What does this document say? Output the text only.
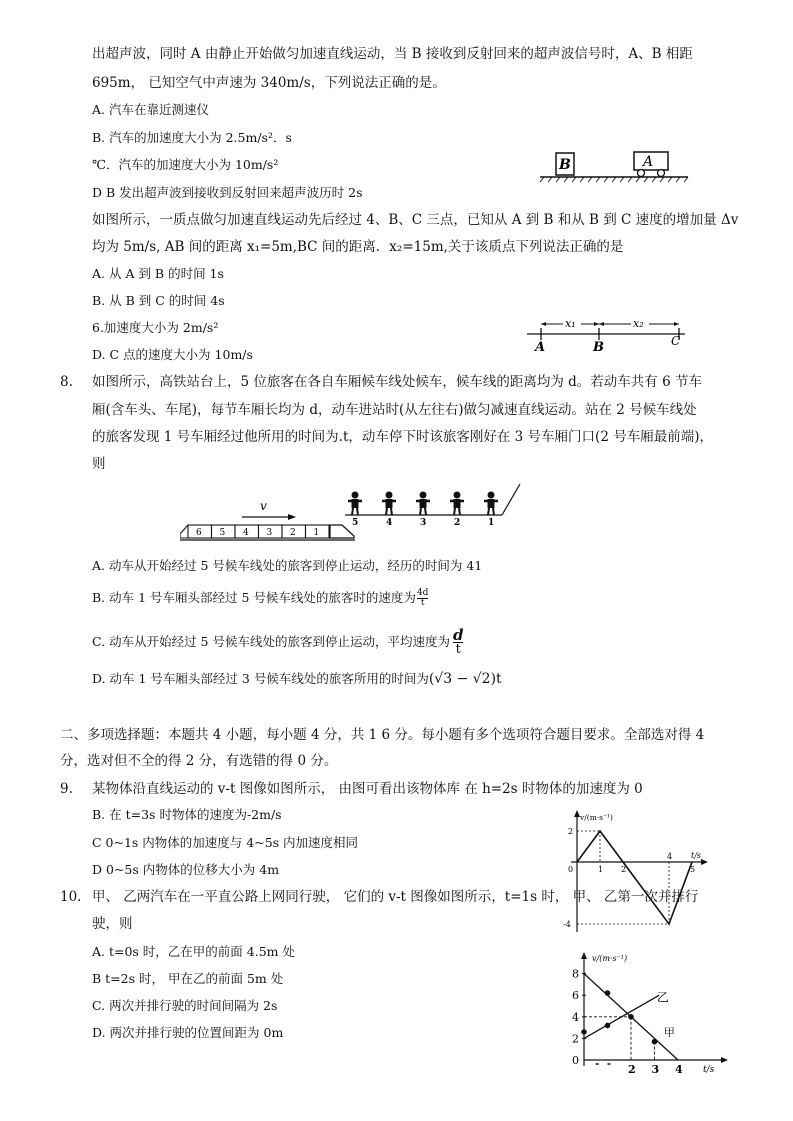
出超声波，同时 A 由静止开始做匀加速直线运动，当 B 接收到反射回来的超声波信号时，A、B 相距
695m， 已知空气中声速为 340m/s，下列说法正确的是。
A. 汽车在靠近测速仪
B. 汽车的加速度大小为 2.5m/s²．s
℃．汽车的加速度大小为 10m/s²
D B 发出超声波到接收到反射回来超声波历时 2s
B	A
如图所示，一质点做匀加速直线运动先后经过 4、B、C 三点，已知从 A 到 B 和从 B 到 C 速度的增加量 Δv
均为 5m/s, AB 间的距离 x₁=5m,BC 间的距离．x₂=15m,关于该质点下列说法正确的是
A. 从 A 到 B 的时间 1s
B. 从 B 到 C 的时间 4s
6.加速度大小为 2m/s²
D. C 点的速度大小为 10m/s
x₁	x₂
A	B	C
8. 如图所示，高铁站台上，5 位旅客在各自车厢候车线处候车，候车线的距离均为 d。若动车共有 6 节车
厢(含车头、车尾)，每节车厢长均为 d，动车进站时(从左往右)做匀减速直线运动。站在 2 号候车线处
的旅客发现 1 号车厢经过他所用的时间为.t，动车停下时该旅客刚好在 3 号车厢门口(2 号车厢最前端)，
则
v
6 5 4 3 2 1
5	4	3	2	1
A. 动车从开始经过 5 号候车线处的旅客到停止运动，经历的时间为 41
B. 动车 1 号车厢头部经过 5 号候车线处的旅客时的速度为 $\frac{4d}{t}$
C. 动车从开始经过 5 号候车线处的旅客到停止运动，平均速度为 $\frac{d}{t}$
D. 动车 1 号车厢头部经过 3 号候车线处的旅客所用的时间为(√3 − √2)t
二、多项选择题：本题共 4 小题，每小题 4 分，共 1 6 分。每小题有多个选项符合题目要求。全部选对得 4
分，选对但不全的得 2 分，有选错的得 0 分。
9. 某物体沿直线运动的 v-t 图像如图所示， 由图可看出该物体库 在 h=2s 时物体的加速度为 0
B. 在 t=3s 时物体的速度为-2m/s
C 0~1s 内物体的加速度与 4~5s 内加速度相同
D 0~5s 内物体的位移大小为 4m
v/(m·s⁻¹)
t/s
2
-4
0	1 2
4
5
10. 甲、 乙两汽车在一平直公路上网同行驶， 它们的 v-t 图像如图所示，t=1s 时， 甲、 乙第一次并排行
驶，则
A. t=0s 时，乙在甲的前面 4.5m 处
B t=2s 时， 甲在乙的前面 5m 处
C. 两次并排行驶的时间间隔为 2s
D. 两次并排行驶的位置间距为 0m
v/(m·s⁻¹)
t/s
0
2
4
6
8
2 3 4
乙
甲
